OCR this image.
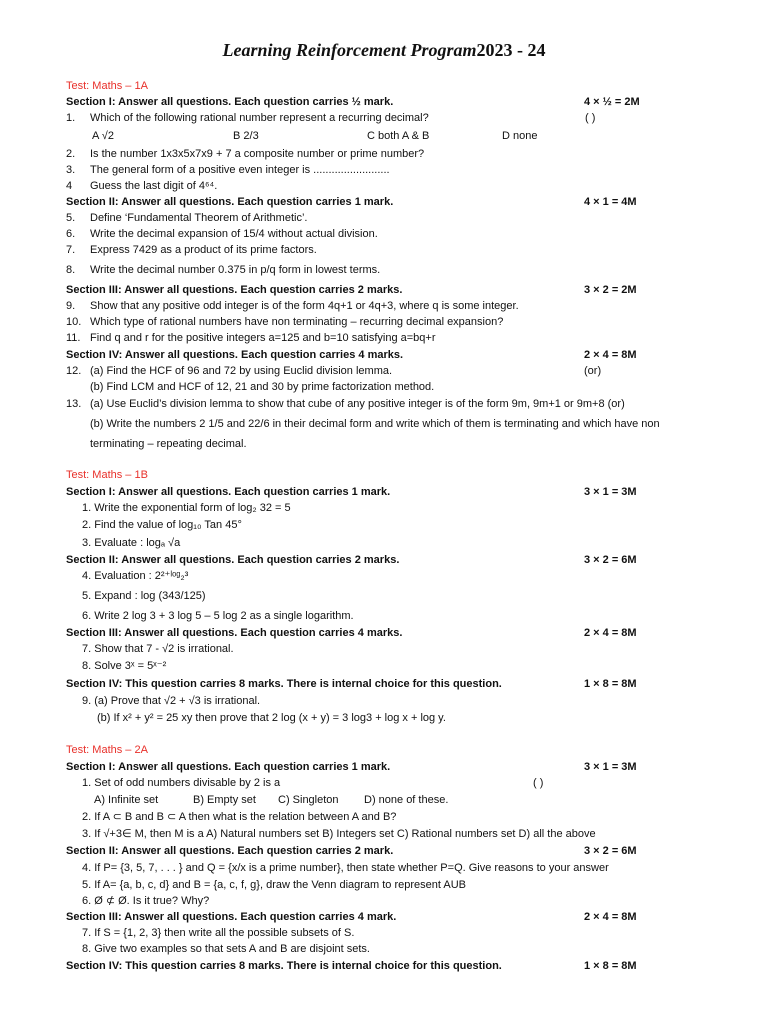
Learning Reinforcement Program2023 - 24
Test: Maths – 1A
Section I: Answer all questions. Each question carries ½ mark.	4 × ½ = 2M
1. Which of the following rational number represent a recurring decimal?	( )
A √2	B 2/3	C both A & B	D none
2. Is the number 1x3x5x7x9 + 7 a composite number or prime number?
3. The general form of a positive even integer is .........................
4 Guess the last digit of 4⁶⁴.
Section II: Answer all questions. Each question carries 1 mark.	4 × 1 = 4M
5. Define ‘Fundamental Theorem of Arithmetic’.
6. Write the decimal expansion of 15/4 without actual division.
7. Express 7429 as a product of its prime factors.
8. Write the decimal number 0.375 in p/q form in lowest terms.
Section III: Answer all questions. Each question carries 2 marks.	3 × 2 = 2M
9. Show that any positive odd integer is of the form 4q+1 or 4q+3, where q is some integer.
10. Which type of rational numbers have non terminating – recurring decimal expansion?
11. Find q and r for the positive integers a=125 and b=10 satisfying a=bq+r
Section IV: Answer all questions. Each question carries 4 marks.	2 × 4 = 8M
12. (a) Find the HCF of 96 and 72 by using Euclid division lemma.	(or)
(b) Find LCM and HCF of 12, 21 and 30 by prime factorization method.
13. (a) Use Euclid’s division lemma to show that cube of any positive integer is of the form 9m, 9m+1 or 9m+8 (or)
(b) Write the numbers 2 1/5 and 22/6 in their decimal form and write which of them is terminating and which have non
terminating – repeating decimal.
Test: Maths – 1B
Section I: Answer all questions. Each question carries 1 mark.	3 × 1 = 3M
1. Write the exponential form of log₂ 32 = 5
2. Find the value of log₁₀ Tan 45°
3. Evaluate : logₐ √a
Section II: Answer all questions. Each question carries 2 marks.	3 × 2 = 6M
4. Evaluation : 2²⁺ˡᵒᵍ₂³
5. Expand : log (343/125)
6. Write 2 log 3 + 3 log 5 – 5 log 2 as a single logarithm.
Section III: Answer all questions. Each question carries 4 marks.	2 × 4 = 8M
7. Show that 7 - √2 is irrational.
8. Solve 3ˣ = 5ˣ⁻²
Section IV: This question carries 8 marks. There is internal choice for this question.	1 × 8 = 8M
9. (a) Prove that √2 + √3 is irrational.
(b) If x² + y² = 25 xy then prove that 2 log (x + y) = 3 log3 + log x + log y.
Test: Maths – 2A
Section I: Answer all questions. Each question carries 1 mark.	3 × 1 = 3M
1. Set of odd numbers divisable by 2 is a	( )
A) Infinite set	B) Empty set C) Singleton D) none of these.
2. If A ⊂ B and B ⊂ A then what is the relation between A and B?
3. If √+3∈ M, then M is a A) Natural numbers set B) Integers set C) Rational numbers set D) all the above
Section II: Answer all questions. Each question carries 2 mark.	3 × 2 = 6M
4. If P= {3, 5, 7, . . . } and Q = {x/x is a prime number}, then state whether P=Q. Give reasons to your answer
5. If A= {a, b, c, d} and B = {a, c, f, g}, draw the Venn diagram to represent AUB
6. Ø ⊄ Ø. Is it true? Why?
Section III: Answer all questions. Each question carries 4 mark.	2 × 4 = 8M
7. If S = {1, 2, 3} then write all the possible subsets of S.
8. Give two examples so that sets A and B are disjoint sets.
Section IV: This question carries 8 marks. There is internal choice for this question.	1 × 8 = 8M
